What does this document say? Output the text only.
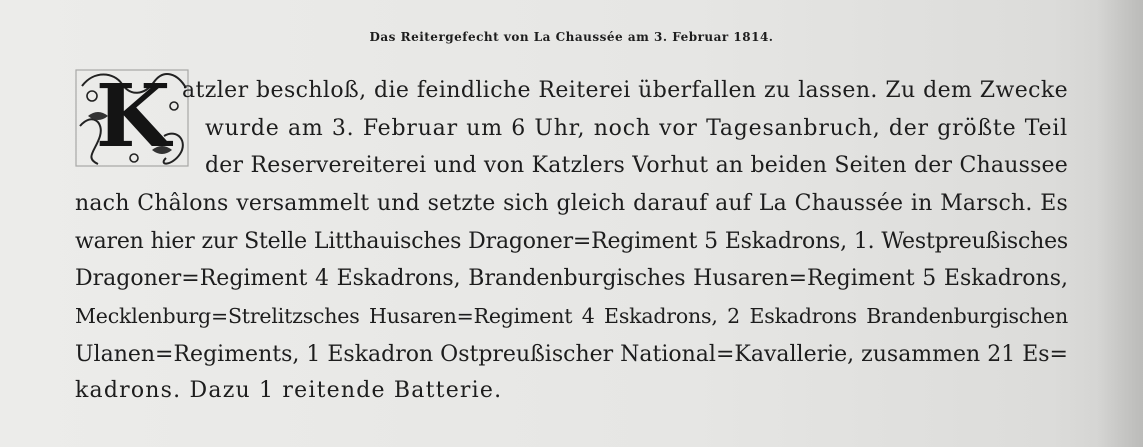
Das Reitergefecht von La Chaussée am 3. Februar 1814.
K atzler beschloß, die feindliche Reiterei überfallen zu lassen. Zu dem Zwecke
wurde am 3. Februar um 6 Uhr, noch vor Tagesanbruch, der größte Teil
der Reservereiterei und von Katzlers Vorhut an beiden Seiten der Chaussee
nach Châlons versammelt und setzte sich gleich darauf auf La Chaussée in Marsch. Es
waren hier zur Stelle Litthauisches Dragoner=Regiment 5 Eskadrons, 1. Westpreußisches
Dragoner=Regiment 4 Eskadrons, Brandenburgisches Husaren=Regiment 5 Eskadrons,
Mecklenburg=Strelitzsches Husaren=Regiment 4 Eskadrons, 2 Eskadrons Brandenburgischen
Ulanen=Regiments, 1 Eskadron Ostpreußischer National=Kavallerie, zusammen 21 Es=
kadrons. Dazu 1 reitende Batterie.
